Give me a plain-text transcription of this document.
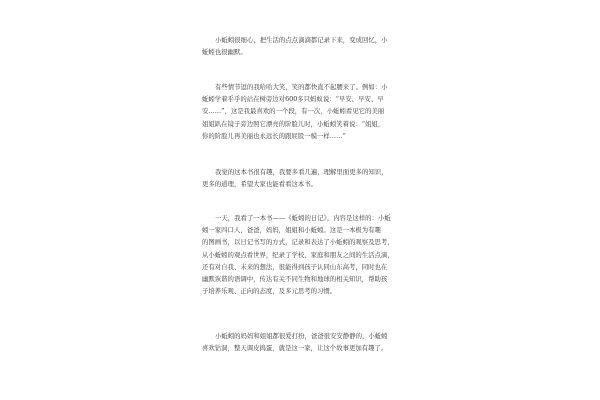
小蚯蚓很细心，把生活的点点滴滴都记录下来，变成回忆，小
蚯蚓也很幽默。
有些情节逗的我哈哈大笑，笑的都快直不起腰来了。例如：小
蚯蚓学着乎乎的站在树旁边对600多只蚂蚁说：“早安、早安、早
安……”，这是我最喜欢的一个段，有一次，小蚯蚓看见它的美丽
姐姐趴在镜子旁边照它漂亮的阶脸儿时，小蚯蚓笑着说：“姐姐，
你的阶脸儿再美丽也永远长的跟屁股一模一样……”
我觉的这本书很有趣，我要多看几遍，理解里面更多的知识，
更多的道理，希望大家也能看看这本书。
一天，我看了一本书——《蚯蚓的日记》，内容是这样的：小蚯
蚓一家四口人，爸爸，妈妈，姐姐和小蚯蚓。这是一本极为有趣
的图画书，以日记书写的方式，记录和表达了小蚯蚓的观察及思考，
从小蚯蚓的观点看世界，纪录了学校、家庭和朋友之间的生活点滴，
还有对自我、未来的想法，很能得到孩子认同山东高考，同时也在
幽默诙谐的语调中，传达有关不同生物和地球的相关知识，帮助孩
子培养乐观、正向的态度，及多元思考的习惯。
小蚯蚓的妈妈和姐姐都很爱打扮，爸爸很安安静静的，小蚯蚓
喜欢钻洞，整天调皮捣蛋，就是这一家，让这个故事更加有趣了。
